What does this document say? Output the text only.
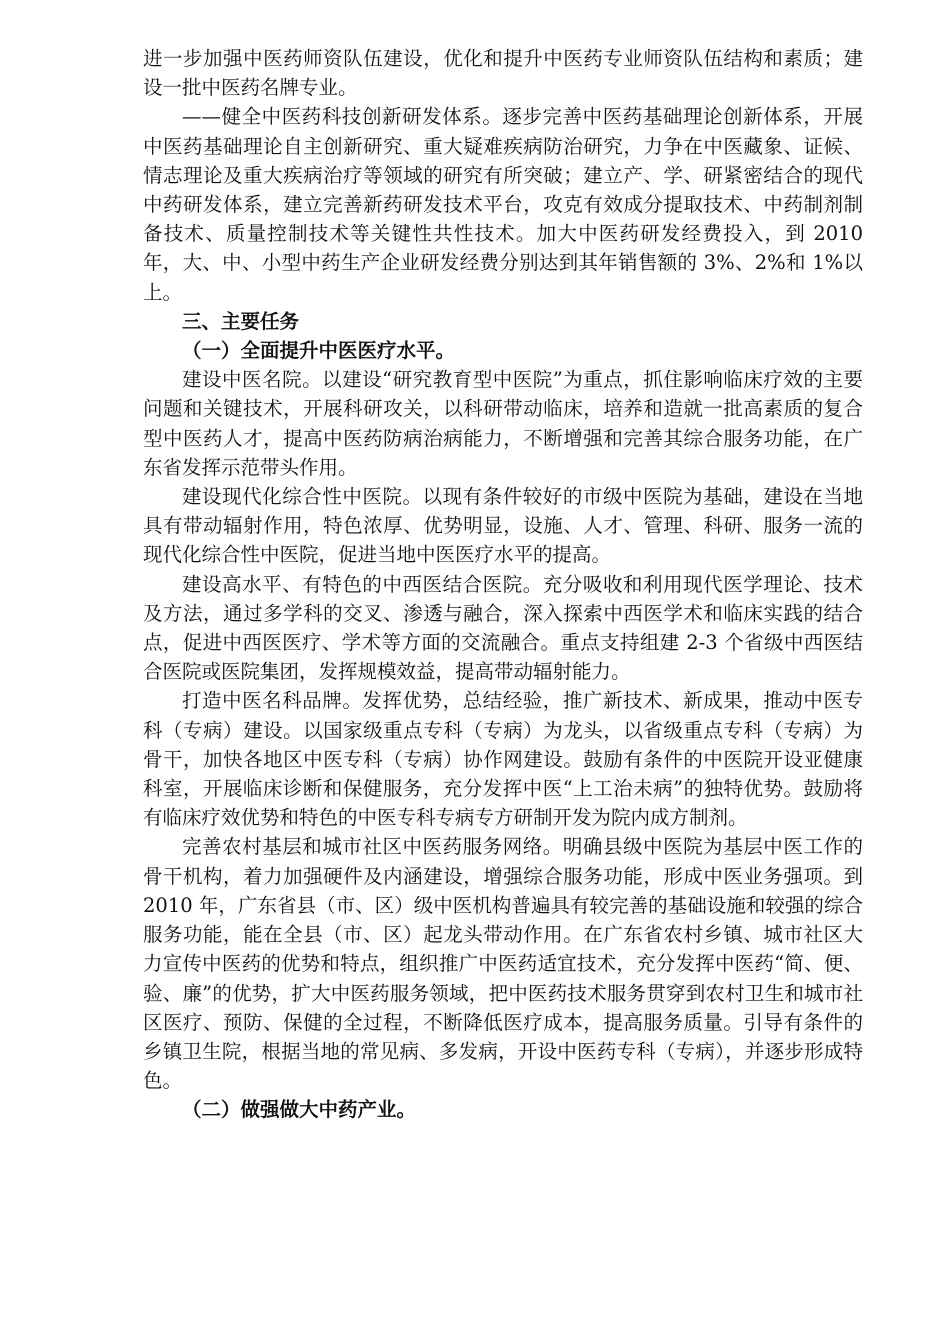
进一步加强中医药师资队伍建设，优化和提升中医药专业师资队伍结构和素质；建设一批中医药名牌专业。

——健全中医药科技创新研发体系。逐步完善中医药基础理论创新体系，开展中医药基础理论自主创新研究、重大疑难疾病防治研究，力争在中医藏象、证候、情志理论及重大疾病治疗等领域的研究有所突破；建立产、学、研紧密结合的现代中药研发体系，建立完善新药研发技术平台，攻克有效成分提取技术、中药制剂制备技术、质量控制技术等关键性共性技术。加大中医药研发经费投入，到 2010 年，大、中、小型中药生产企业研发经费分别达到其年销售额的 3%、2%和 1%以上。

三、主要任务

（一）全面提升中医医疗水平。

建设中医名院。以建设“研究教育型中医院”为重点，抓住影响临床疗效的主要问题和关键技术，开展科研攻关，以科研带动临床，培养和造就一批高素质的复合型中医药人才，提高中医药防病治病能力，不断增强和完善其综合服务功能，在广东省发挥示范带头作用。

建设现代化综合性中医院。以现有条件较好的市级中医院为基础，建设在当地具有带动辐射作用，特色浓厚、优势明显，设施、人才、管理、科研、服务一流的现代化综合性中医院，促进当地中医医疗水平的提高。

建设高水平、有特色的中西医结合医院。充分吸收和利用现代医学理论、技术及方法，通过多学科的交叉、渗透与融合，深入探索中西医学术和临床实践的结合点，促进中西医医疗、学术等方面的交流融合。重点支持组建 2-3 个省级中西医结合医院或医院集团，发挥规模效益，提高带动辐射能力。

打造中医名科品牌。发挥优势，总结经验，推广新技术、新成果，推动中医专科（专病）建设。以国家级重点专科（专病）为龙头，以省级重点专科（专病）为骨干，加快各地区中医专科（专病）协作网建设。鼓励有条件的中医院开设亚健康科室，开展临床诊断和保健服务，充分发挥中医“上工治未病”的独特优势。鼓励将有临床疗效优势和特色的中医专科专病专方研制开发为院内成方制剂。

完善农村基层和城市社区中医药服务网络。明确县级中医院为基层中医工作的骨干机构，着力加强硬件及内涵建设，增强综合服务功能，形成中医业务强项。到 2010 年，广东省县（市、区）级中医机构普遍具有较完善的基础设施和较强的综合服务功能，能在全县（市、区）起龙头带动作用。在广东省农村乡镇、城市社区大力宣传中医药的优势和特点，组织推广中医药适宜技术，充分发挥中医药“简、便、验、廉”的优势，扩大中医药服务领域，把中医药技术服务贯穿到农村卫生和城市社区医疗、预防、保健的全过程，不断降低医疗成本，提高服务质量。引导有条件的乡镇卫生院，根据当地的常见病、多发病，开设中医药专科（专病），并逐步形成特色。

（二）做强做大中药产业。
